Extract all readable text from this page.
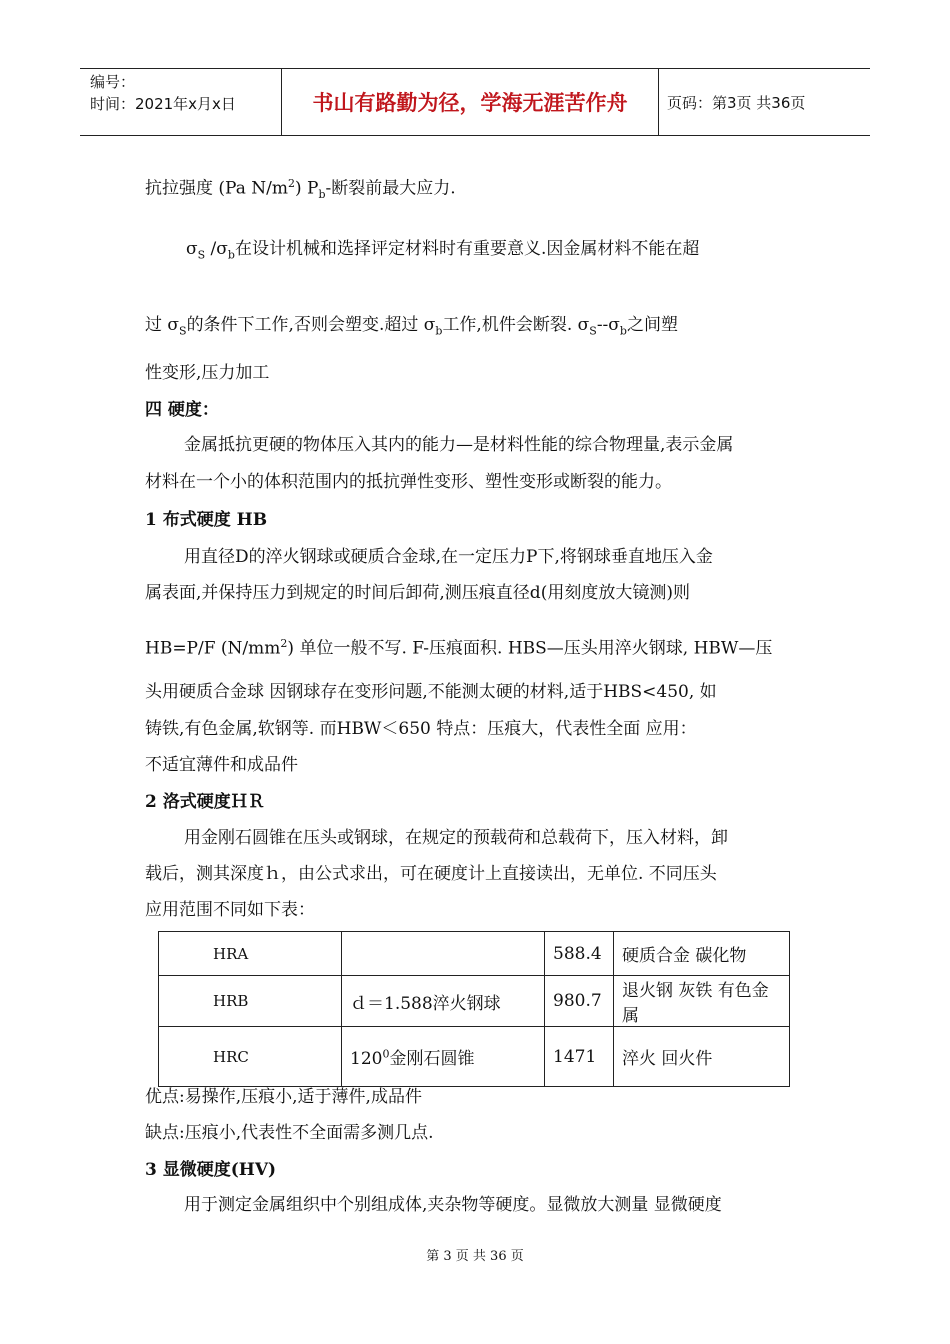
编号：
时间：2021年x月x日	书山有路勤为径，学海无涯苦作舟	页码：第3页 共36页
抗拉强度 (Pa $N/m^2$) $P_b-$断裂前最大应力.
$\sigma_S$ $/\sigma_b$在设计机械和选择评定材料时有重要意义.因金属材料不能在超
过 $\sigma_S$的条件下工作,否则会塑变.超过 $\sigma_b$工作,机件会断裂. $\sigma_S--\sigma_b$之间塑
性变形,压力加工
四 硬度：
金属抵抗更硬的物体压入其内的能力—是材料性能的综合物理量,表示金属
材料在一个小的体积范围内的抵抗弹性变形、塑性变形或断裂的能力。
1 布式硬度 HB
用直径D的淬火钢球或硬质合金球,在一定压力P下,将钢球垂直地压入金
属表面,并保持压力到规定的时间后卸荷,测压痕直径d(用刻度放大镜测)则
HB=P/F $(N/mm^2)$ 单位一般不写. F-压痕面积. HBS—压头用淬火钢球, HBW—压
头用硬质合金球 因钢球存在变形问题,不能测太硬的材料,适于HBS<450, 如
铸铁,有色金属,软钢等. 而HBW＜650 特点：压痕大，代表性全面 应用：
不适宜薄件和成品件
2 洛式硬度ＨＲ
用金刚石圆锥在压头或钢球，在规定的预载荷和总载荷下，压入材料，卸
载后，测其深度ｈ，由公式求出，可在硬度计上直接读出，无单位. 不同压头
应用范围不同如下表：
HRA		588.4	硬质合金 碳化物
HRB	ｄ＝1.588淬火钢球	980.7	退火钢 灰铁 有色金属
HRC	$120^0$金刚石圆锥	1471	淬火 回火件
优点:易操作,压痕小,适于薄件,成品件
缺点:压痕小,代表性不全面需多测几点.
3 显微硬度(HV)
用于测定金属组织中个别组成体,夹杂物等硬度。显微放大测量 显微硬度
第 3 页 共 36 页
